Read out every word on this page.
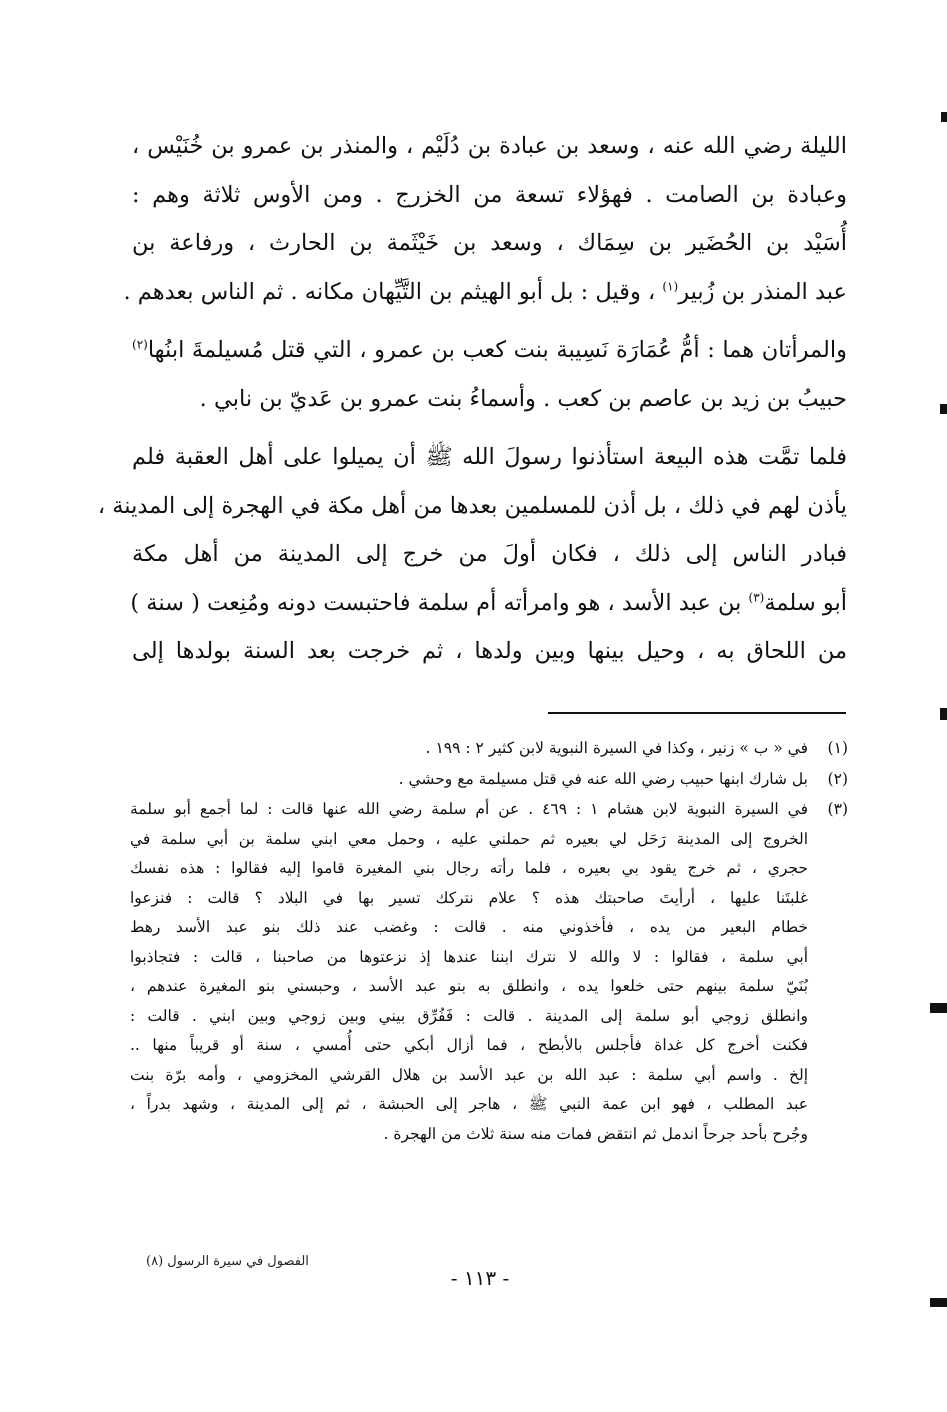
الليلة رضي الله عنه ، وسعد بن عبادة بن دُلَيْم ، والمنذر بن عمرو بن خُنَيْس ،
وعبادة بن الصامت . فهؤلاء تسعة من الخزرج . ومن الأوس ثلاثة وهم :
أُسَيْد بن الحُضَير بن سِمَاك ، وسعد بن خَيْثَمة بن الحارث ، ورفاعة بن
عبد المنذر بن زُبير$^{(١)}$ ، وقيل : بل أبو الهيثم بن التَّيِّهان مكانه . ثم الناس بعدهم .
والمرأتان هما : أمُّ عُمَارَة نَسِيبة بنت كعب بن عمرو ، التي قتل مُسيلمةَ ابنُها$^{(٢)}$
حبيبُ بن زيد بن عاصم بن كعب . وأسماءُ بنت عمرو بن عَديّ بن نابي .
فلما تمَّت هذه البيعة استأذنوا رسولَ الله ﷺ أن يميلوا على أهل العقبة فلم
يأذن لهم في ذلك ، بل أذن للمسلمين بعدها من أهل مكة في الهجرة إلى المدينة ،
فبادر الناس إلى ذلك ، فكان أولَ من خرج إلى المدينة من أهل مكة
أبو سلمة$^{(٣)}$ بن عبد الأسد ، هو وامرأته أم سلمة فاحتبست دونه ومُنِعت ( سنة )
من اللحاق به ، وحيل بينها وبين ولدها ، ثم خرجت بعد السنة بولدها إلى
(١)
في « ب » زنير ، وكذا في السيرة النبوية لابن كثير ٢ : ١٩٩ .
(٢)
بل شارك ابنها حبيب رضي الله عنه في قتل مسيلمة مع وحشي .
(٣)
في السيرة النبوية لابن هشام ١ : ٤٦٩ . عن أم سلمة رضي الله عنها قالت : لما أجمع أبو سلمة
الخروج إلى المدينة رَحَل لي بعيره ثم حملني عليه ، وحمل معي ابني سلمة بن أبي سلمة في
حجري ، ثم خرج يقود بي بعيره ، فلما رأته رجال بني المغيرة قاموا إليه فقالوا : هذه نفسك
غلبتَنا عليها ، أرأيتَ صاحبتك هذه ؟ علام نتركك تسير بها في البلاد ؟ قالت : فنزعوا
خطام البعير من يده ، فأخذوني منه . قالت : وغضب عند ذلك بنو عبد الأسد رهط
أبي سلمة ، فقالوا : لا والله لا نترك ابننا عندها إذ نزعتوها من صاحبنا ، قالت : فتجاذبوا
بُنَيّ سلمة بينهم حتى خلعوا يده ، وانطلق به بنو عبد الأسد ، وحبسني بنو المغيرة عندهم ،
وانطلق زوجي أبو سلمة إلى المدينة . قالت : فَفُرِّق بيني وبين زوجي وبين ابني . قالت :
فكنت أخرج كل غداة فأجلس بالأبطح ، فما أزال أبكي حتى أُمسي ، سنة أو قريباً منها ..
إلخ . واسم أبي سلمة : عبد الله بن عبد الأسد بن هلال القرشي المخزومي ، وأمه برّة بنت
عبد المطلب ، فهو ابن عمة النبي ﷺ ، هاجر إلى الحبشة ، ثم إلى المدينة ، وشهد بدراً ،
وجُرح بأحد جرحاً اندمل ثم انتقض فمات منه سنة ثلاث من الهجرة .
الفصول في سيرة الرسول (٨)
- ١١٣ -
